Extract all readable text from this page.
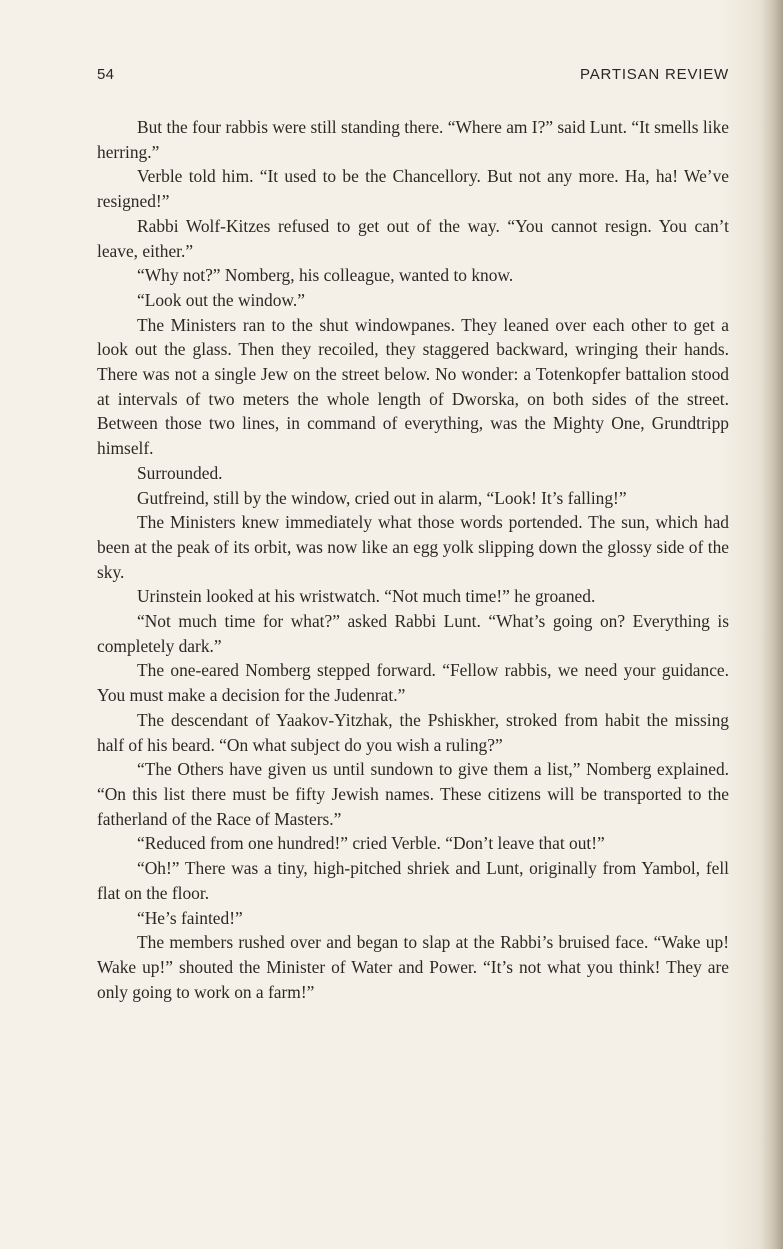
54	PARTISAN REVIEW

But the four rabbis were still standing there. “Where am I?” said Lunt. “It smells like herring.”

Verble told him. “It used to be the Chancellory. But not any more. Ha, ha! We’ve resigned!”

Rabbi Wolf-Kitzes refused to get out of the way. “You cannot resign. You can’t leave, either.”

“Why not?” Nomberg, his colleague, wanted to know.

“Look out the window.”

The Ministers ran to the shut windowpanes. They leaned over each other to get a look out the glass. Then they recoiled, they staggered backward, wringing their hands. There was not a single Jew on the street below. No wonder: a Totenkopfer battalion stood at intervals of two meters the whole length of Dworska, on both sides of the street. Between those two lines, in command of everything, was the Mighty One, Grundtripp himself.

Surrounded.

Gutfreind, still by the window, cried out in alarm, “Look! It’s falling!”

The Ministers knew immediately what those words portended. The sun, which had been at the peak of its orbit, was now like an egg yolk slipping down the glossy side of the sky.

Urinstein looked at his wristwatch. “Not much time!” he groaned.

“Not much time for what?” asked Rabbi Lunt. “What’s going on? Everything is completely dark.”

The one-eared Nomberg stepped forward. “Fellow rabbis, we need your guidance. You must make a decision for the Judenrat.”

The descendant of Yaakov-Yitzhak, the Pshiskher, stroked from habit the missing half of his beard. “On what subject do you wish a ruling?”

“The Others have given us until sundown to give them a list,” Nomberg explained. “On this list there must be fifty Jewish names. These citizens will be transported to the fatherland of the Race of Masters.”

“Reduced from one hundred!” cried Verble. “Don’t leave that out!”

“Oh!” There was a tiny, high-pitched shriek and Lunt, originally from Yambol, fell flat on the floor.

“He’s fainted!”

The members rushed over and began to slap at the Rabbi’s bruised face. “Wake up! Wake up!” shouted the Minister of Water and Power. “It’s not what you think! They are only going to work on a farm!”
